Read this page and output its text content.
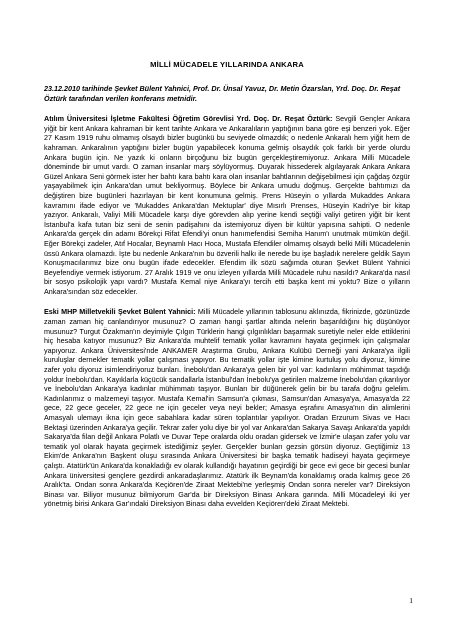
MİLLİ MÜCADELE YILLARINDA ANKARA
23.12.2010 tarihinde Şevket Bülent Yahnici, Prof. Dr. Ünsal Yavuz, Dr. Metin Özarslan, Yrd. Doç. Dr. Reşat Öztürk tarafından verilen konferans metnidir.
Atılım Üniversitesi İşletme Fakültesi Öğretim Görevlisi Yrd. Doç. Dr. Reşat Öztürk: Sevgili Gençler Ankara yiğit bir kent Ankara kahraman bir kent tarihte Ankara ve Ankaralıların yaptığının bana göre eşi benzeri yok. Eğer 27 Kasım 1919 ruhu olmamış olsaydı bizler bugünkü bu seviyede olmazdık; o nedenle Ankaralı hem yiğit hem de kahraman. Ankaralının yaptığını bizler bugün yapabilecek konuma gelmiş olsaydık çok farklı bir yerde olurdu Ankara bugün için. Ne yazık ki onların birçoğunu biz bugün gerçekleştiremiyoruz. Ankara Milli Mücadele döneminde bir umut vardı. O zaman insanlar marş söylüyormuş. Duyarak hissederek algılayarak Ankara Ankara Güzel Ankara Seni görmek ister her bahtı kara bahtı kara olan insanlar bahtlarının değişebilmesi için çağdaş özgür yaşayabilmek için Ankara'dan umut bekliyormuş. Böylece bir Ankara umudu doğmuş. Gerçekte bahtımızı da değiştiren bize bugünleri hazırlayan bir kent konumuna gelmiş. Prens Hüseyin o yıllarda Mukaddes Ankara kavramını ifade ediyor ve 'Mukaddes Ankara'dan Mektuplar' diye Mısırlı Prenses, Hüseyin Kadri'ye bir kitap yazıyor. Ankaralı, Valiyi Milli Mücadele karşı diye görevden alıp yerine kendi seçtiği valiyi getiren yiğit bir kent İstanbul'a kafa tutan biz seni de senin padişahını da istemiyoruz diyen bir kültür yapısına sahipti. O nedenle Ankara'da gerçek din adamı Börekçi Rifat Efendi'yi onun hanımefendisi Semiha Hanım'ı unutmak mümkün değil. Eğer Börekçi zadeler, Atıf Hocalar, Beynamlı Hacı Hoca, Mustafa Efendiler olmamış olsaydı belki Milli Mücadelenin üssü Ankara olamazdı. İşte bu nedenle Ankara'nın bu özverili halkı ile nerede bu işe başladık nerelere geldik Sayın Konuşmacılarımız bize onu bugün ifade edecekler. Efendim ilk sözü sağımda oturan Şevket Bülent Yahnici Beyefendiye vermek istiyorum. 27 Aralık 1919 ve onu izleyen yıllarda Milli Mücadele ruhu nasıldı? Ankara'da nasıl bir sosyo psikolojik yapı vardı? Mustafa Kemal niye Ankara'yı tercih etti başka kent mi yoktu? Bize o yılların Ankara'sından söz edecekler.
Eski MHP Milletvekili Şevket Bülent Yahnici: Milli Mücadele yıllarının tablosunu aklınızda, fikrinizde, gözünüzde zaman zaman hiç canlandırıyor musunuz? O zaman hangi şartlar altında nelerin başarıldığını hiç düşünüyor musunuz? Turgut Özakman'ın deyimiyle Çılgın Türklerin hangi çılgınlıkları başarmak suretiyle neler elde ettiklerini hiç hesaba katıyor musunuz? Biz Ankara'da muhtelif tematik yollar kavramını hayata geçirmek için çalışmalar yapıyoruz. Ankara Üniversitesi'nde ANKAMER Araştırma Grubu, Ankara Kulübü Derneği yani Ankara'ya ilgili kuruluşlar dernekler tematik yollar çalışması yapıyor. Bu tematik yollar işte kimine kurtuluş yolu diyoruz, kimine zafer yolu diyoruz isimlendiriyoruz bunları. İnebolu'dan Ankara'ya gelen bir yol var: kadınların mühimmat taşıdığı yoldur İnebolu'dan. Kayıklarla küçücük sandallarla İstanbul'dan İnebolu'ya getirilen malzeme İnebolu'dan çıkarılıyor ve İnebolu'dan Ankara'ya kadınlar mühimmatı taşıyor. Bunları bir düğünerek gelin bir bu tarafa doğru gelelim. Kadınlarımız o malzemeyi taşıyor. Mustafa Kemal'in Samsun'a çıkması, Samsun'dan Amasya'ya, Amasya'da 22 gece, 22 gece geceler, 22 gece ne için geceler veya neyi bekler; Amasya eşrafını Amasya'nın din alimlerini Amasyalı ulemayı ikna için gece sabahlara kadar süren toplantılar yapılıyor. Oradan Erzurum Sivas ve Hacı Bektaşi üzerinden Ankara'ya geçilir. Tekrar zafer yolu diye bir yol var Ankara'dan Sakarya Savaşı Ankara'da yapıldı Sakarya'da filan değil Ankara Polatlı ve Duvar Tepe oralarda oldu oradan gidersek ve İzmir'e ulaşan zafer yolu var tematik yol olarak hayata geçirmek istediğimiz şeyler. Gerçekler bunları gezsin görsün diyoruz. Geçtiğimiz 13 Ekim'de Ankara'nın Başkent oluşu sırasında Ankara Üniversitesi bir başka tematik hadiseyi hayata geçirmeye çalıştı. Atatürk'ün Ankara'da konakladığı ev olarak kullandığı hayatının geçirdiği bir gece evi gece bir gecesi bunlar Ankara üniversitesi gençlere gezdirdi ankaradaşlarımız. Atatürk ilk Beynam'da konaklamış orada kalmış gece 26 Aralık'ta. Ondan sonra Ankara'da Keçiören'de Ziraat Mektebi'ne yerleşmiş Ondan sonra nereler var? Direksiyon Binası var. Biliyor musunuz bilmiyorum Gar'da bir Direksiyon Binası Ankara garında. Milli Mücadeleyi iki yer yönetmiş birisi Ankara Gar'ındaki Direksiyon Binası daha evvelden Keçiören'deki Ziraat Mektebi.
1
